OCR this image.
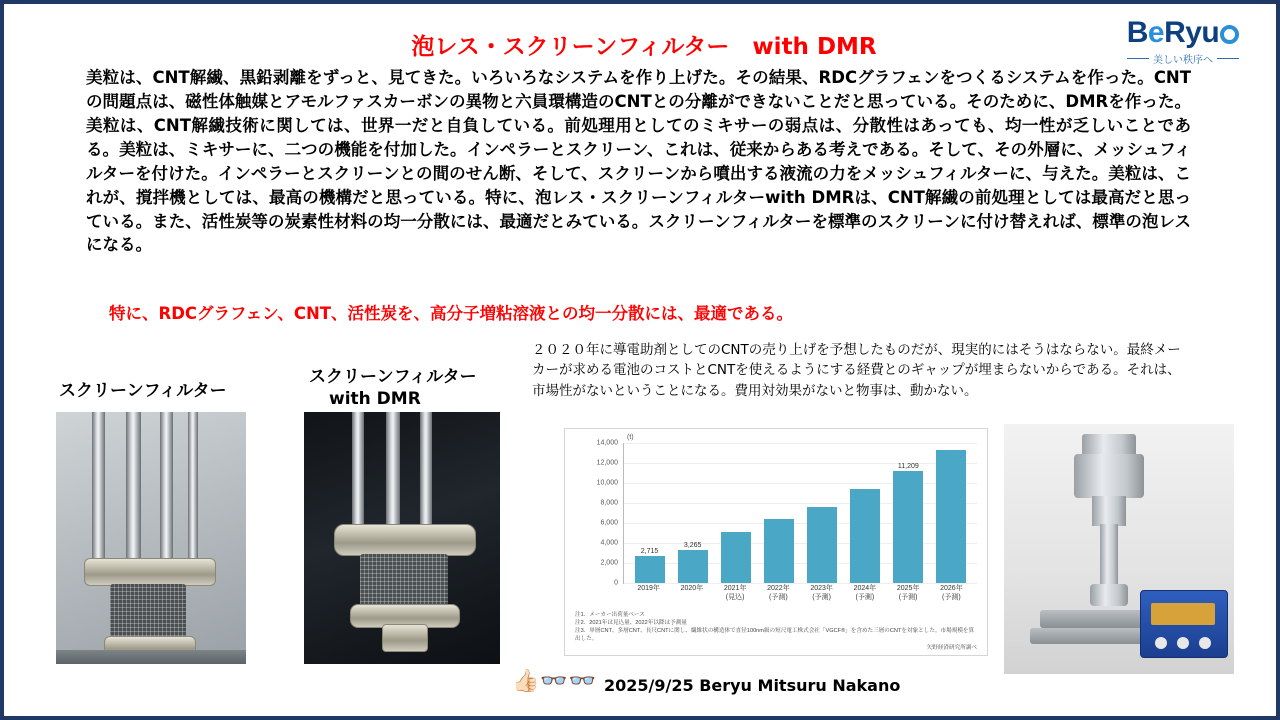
BeRyu
美しい秩序へ
泡レス・スクリーンフィルター　with DMR
美粒は、CNT解繊、黒鉛剥離をずっと、見てきた。いろいろなシステムを作り上げた。その結果、RDCグラフェンをつくるシステムを作った。CNTの問題点は、磁性体触媒とアモルファスカーボンの異物と六員環構造のCNTとの分離ができないことだと思っている。そのために、DMRを作った。美粒は、CNT解繊技術に関しては、世界一だと自負している。前処理用としてのミキサーの弱点は、分散性はあっても、均一性が乏しいことである。美粒は、ミキサーに、二つの機能を付加した。インペラーとスクリーン、これは、従来からある考えである。そして、その外層に、メッシュフィルターを付けた。インペラーとスクリーンとの間のせん断、そして、スクリーンから噴出する液流の力をメッシュフィルターに、与えた。美粒は、これが、撹拌機としては、最高の機構だと思っている。特に、泡レス・スクリーンフィルターwith DMRは、CNT解繊の前処理としては最高だと思っている。また、活性炭等の炭素性材料の均一分散には、最適だとみている。スクリーンフィルターを標準のスクリーンに付け替えれば、標準の泡レスになる。
特に、RDCグラフェン、CNT、活性炭を、高分子増粘溶液との均一分散には、最適である。
スクリーンフィルター
スクリーンフィルター
with DMR
２０２０年に導電助剤としてのCNTの売り上げを予想したものだが、現実的にはそうはならない。最終メーカーが求める電池のコストとCNTを使えるようにする経費とのギャップが埋まらないからである。それは、市場性がないということになる。費用対効果がないと物事は、動かない。
(t)
0
2,000
4,000
6,000
8,000
10,000
12,000
14,000
2,715
3,265
11,209
2019年	2020年	2021年
(見込)
2022年
(予測)
2023年
(予測)
2024年
(予測)
2025年
(予測)
2026年
(予測)
注1．メーカー出荷量ベース
注2．2021年は見込量、2022年以降は予測量
注3．単層CNT、多層CNT、長尺CNTに関し、繊維状の構造体で直径100nm級の短尺電工株式会社「VGCF®」を含めた三層のCNTを対象とした。市場規模を算出した。
矢野経済研究所調べ
👍🏻👓👓 2025/9/25 Beryu Mitsuru Nakano
